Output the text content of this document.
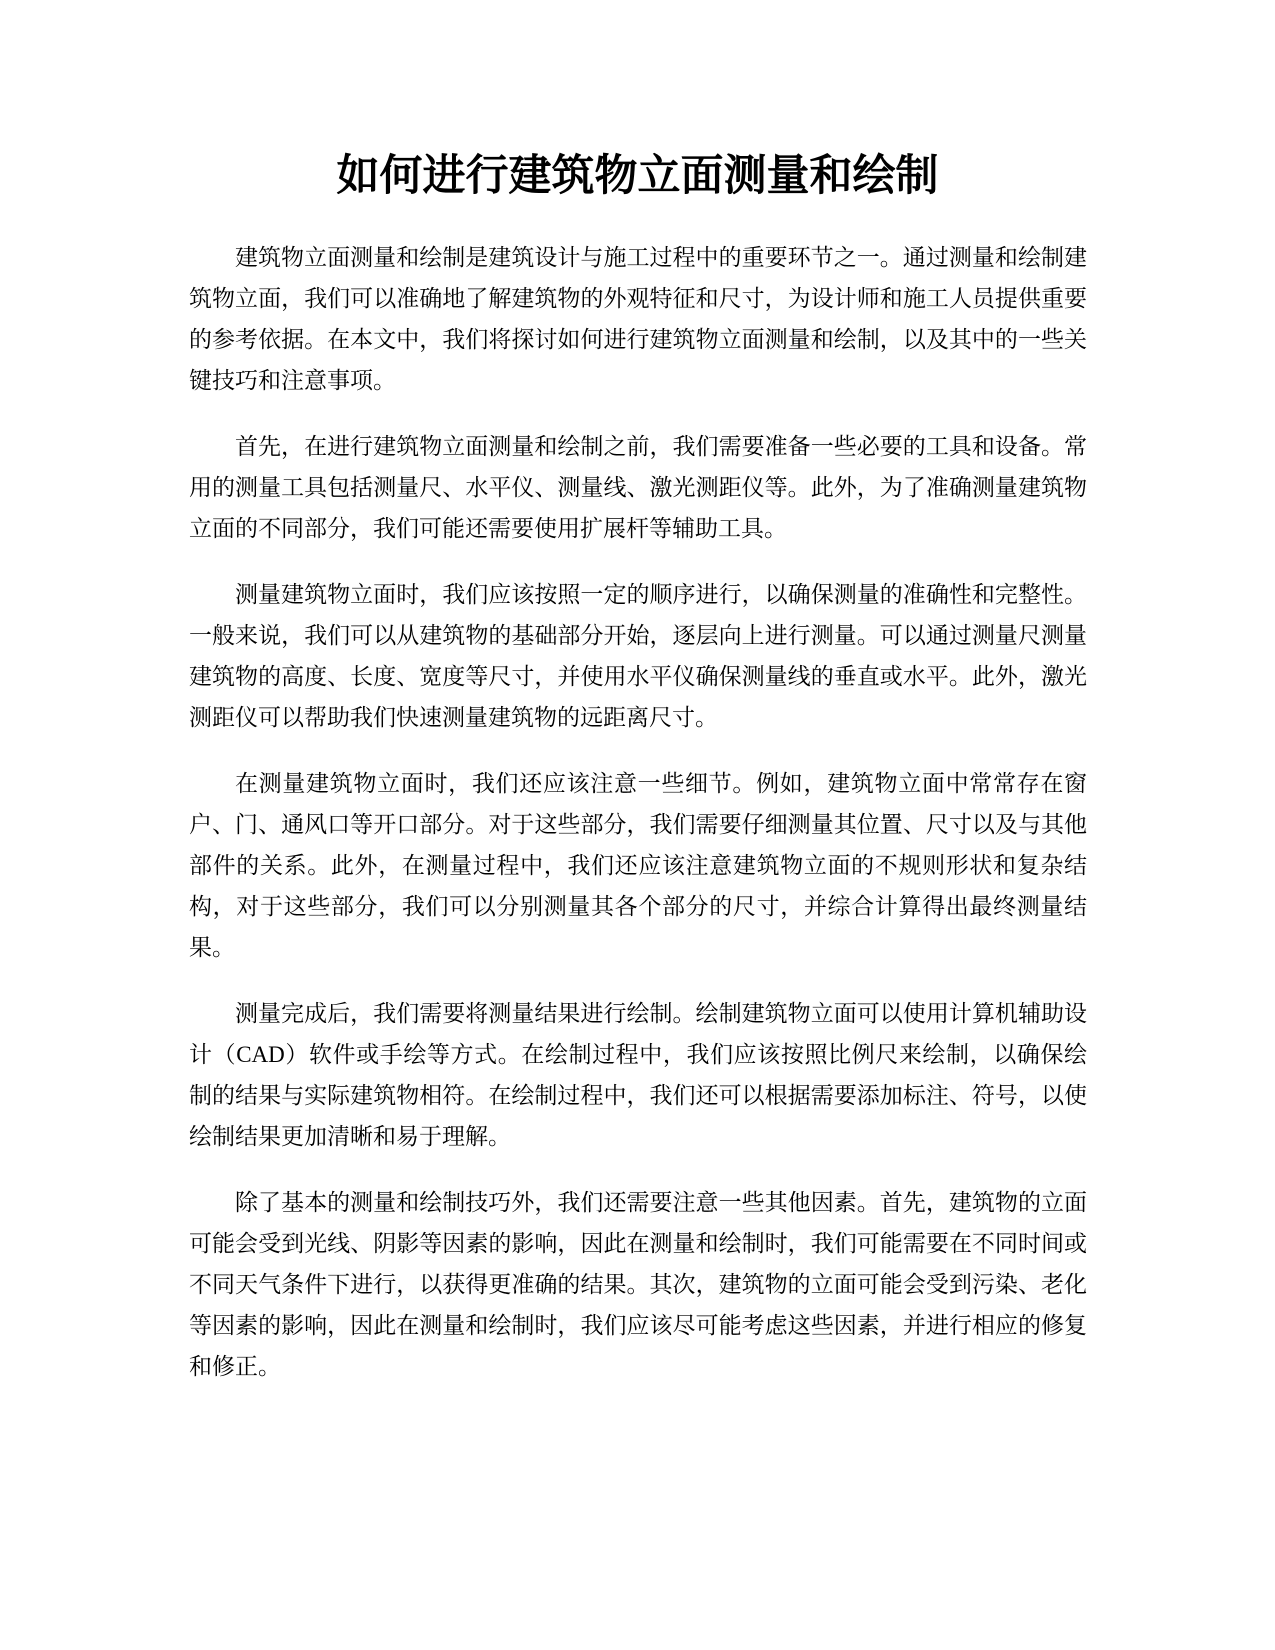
如何进行建筑物立面测量和绘制

建筑物立面测量和绘制是建筑设计与施工过程中的重要环节之一。通过测量和绘制建筑物立面，我们可以准确地了解建筑物的外观特征和尺寸，为设计师和施工人员提供重要的参考依据。在本文中，我们将探讨如何进行建筑物立面测量和绘制，以及其中的一些关键技巧和注意事项。

首先，在进行建筑物立面测量和绘制之前，我们需要准备一些必要的工具和设备。常用的测量工具包括测量尺、水平仪、测量线、激光测距仪等。此外，为了准确测量建筑物立面的不同部分，我们可能还需要使用扩展杆等辅助工具。

测量建筑物立面时，我们应该按照一定的顺序进行，以确保测量的准确性和完整性。一般来说，我们可以从建筑物的基础部分开始，逐层向上进行测量。可以通过测量尺测量建筑物的高度、长度、宽度等尺寸，并使用水平仪确保测量线的垂直或水平。此外，激光测距仪可以帮助我们快速测量建筑物的远距离尺寸。

在测量建筑物立面时，我们还应该注意一些细节。例如，建筑物立面中常常存在窗户、门、通风口等开口部分。对于这些部分，我们需要仔细测量其位置、尺寸以及与其他部件的关系。此外，在测量过程中，我们还应该注意建筑物立面的不规则形状和复杂结构，对于这些部分，我们可以分别测量其各个部分的尺寸，并综合计算得出最终测量结果。

测量完成后，我们需要将测量结果进行绘制。绘制建筑物立面可以使用计算机辅助设计（CAD）软件或手绘等方式。在绘制过程中，我们应该按照比例尺来绘制，以确保绘制的结果与实际建筑物相符。在绘制过程中，我们还可以根据需要添加标注、符号，以使绘制结果更加清晰和易于理解。

除了基本的测量和绘制技巧外，我们还需要注意一些其他因素。首先，建筑物的立面可能会受到光线、阴影等因素的影响，因此在测量和绘制时，我们可能需要在不同时间或不同天气条件下进行，以获得更准确的结果。其次，建筑物的立面可能会受到污染、老化等因素的影响，因此在测量和绘制时，我们应该尽可能考虑这些因素，并进行相应的修复和修正。
